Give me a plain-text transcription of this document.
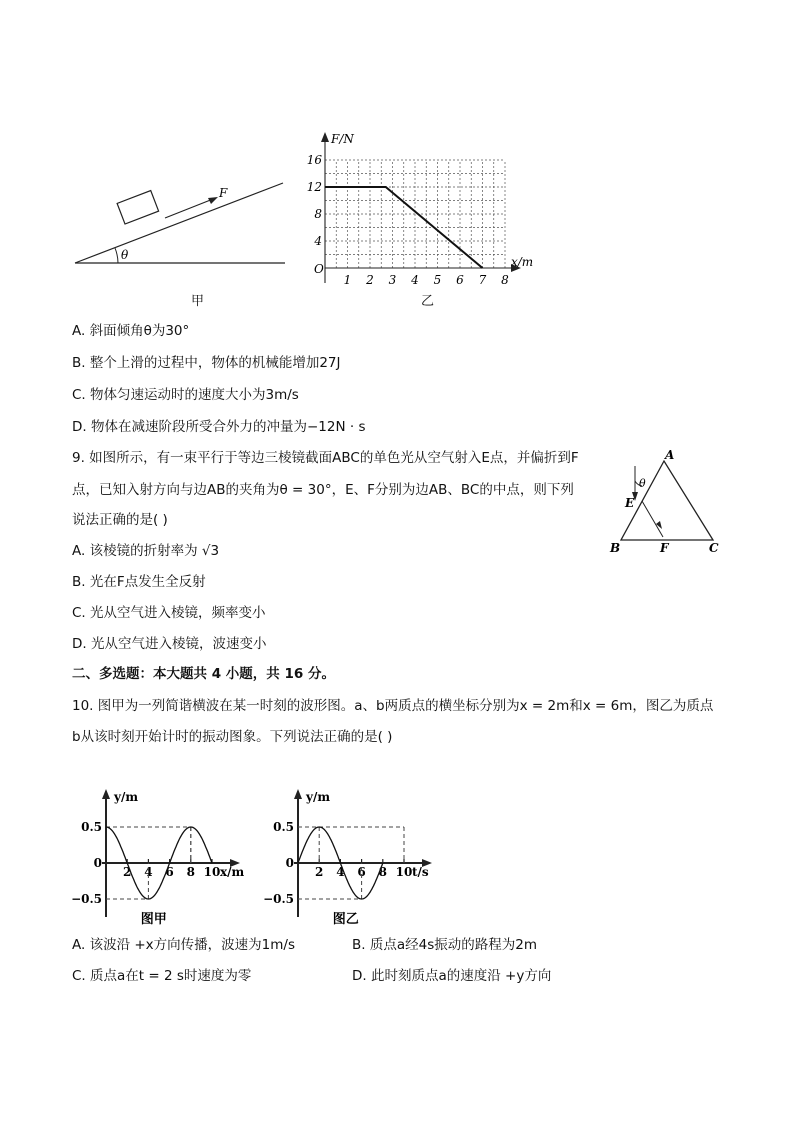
F
θ
甲
F/N
x/m
O
4
8
12
16
1 2 3 4 5 6 7 8
乙
A. 斜面倾角θ为30°
B. 整个上滑的过程中，物体的机械能增加27J
C. 物体匀速运动时的速度大小为3m/s
D. 物体在减速阶段所受合外力的冲量为−12N · s
9. 如图所示，有一束平行于等边三棱镜截面ABC的单色光从空气射入E点，并偏折到F
点，已知入射方向与边AB的夹角为θ = 30°，E、F分别为边AB、BC的中点，则下列
说法正确的是( )
A. 该棱镜的折射率为 √3
B. 光在F点发生全反射
C. 光从空气进入棱镜，频率变小
D. 光从空气进入棱镜，波速变小
θ
A
E
B	F	C
二、多选题：本大题共 4 小题，共 16 分。
10. 图甲为一列简谐横波在某一时刻的波形图。a、b两质点的横坐标分别为x = 2m和x = 6m，图乙为质点
b从该时刻开始计时的振动图象。下列说法正确的是( )
y/m
x/m
0.5
0
−0.5
2 4 6 8 10
图甲
y/m
t/s
0.5
0
−0.5
2 4 6 8 10
图乙
A. 该波沿 +x方向传播，波速为1m/s	B. 质点a经4s振动的路程为2m
C. 质点a在t = 2 s时速度为零	D. 此时刻质点a的速度沿 +y方向
